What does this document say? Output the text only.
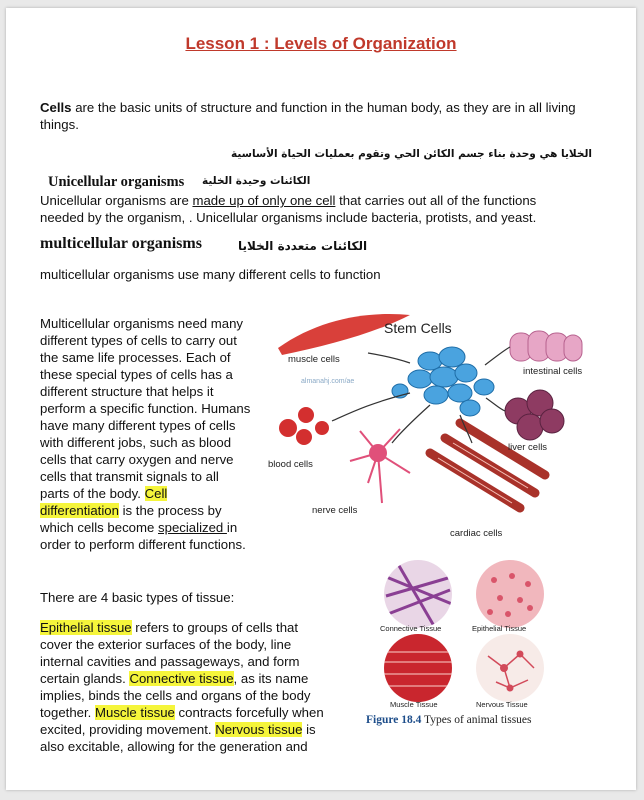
Lesson 1 : Levels of Organization
Cells are the basic units of structure and function in the human body, as they are in all living things.
الخلايا هي وحدة بناء جسم الكائن الحي وتقوم بعمليات الحياة الأساسية
Unicellular organisms الكائنات وحيدة الخلية
Unicellular organisms are made up of only one cell that carries out all of the functions
needed by the organism, . Unicellular organisms include bacteria, protists, and yeast.
multicellular organisms	الكائنات متعددة الخلايا
multicellular organisms use many different cells to function
Multicellular organisms need many
different types of cells to carry out
the same life processes. Each of
these special types of cells has a
different structure that helps it
perform a specific function. Humans
have many different types of cells
with different jobs, such as blood
cells that carry oxygen and nerve
cells that transmit signals to all
parts of the body. Cell
differentiation is the process by
which cells become specialized in
order to perform different functions.
Stem Cells
muscle cells
intestinal cells
almanahj.com/ae
liver cells
blood cells
nerve cells
cardiac cells
There are 4 basic types of tissue:
Epithelial tissue refers to groups of cells that
cover the exterior surfaces of the body, line
internal cavities and passageways, and form
certain glands. Connective tissue, as its name
implies, binds the cells and organs of the body
together. Muscle tissue contracts forcefully when
excited, providing movement. Nervous tissue is
also excitable, allowing for the generation and
Connective Tissue	Epithelial Tissue
Muscle Tissue	Nervous Tissue
Figure 18.4 Types of animal tissues
